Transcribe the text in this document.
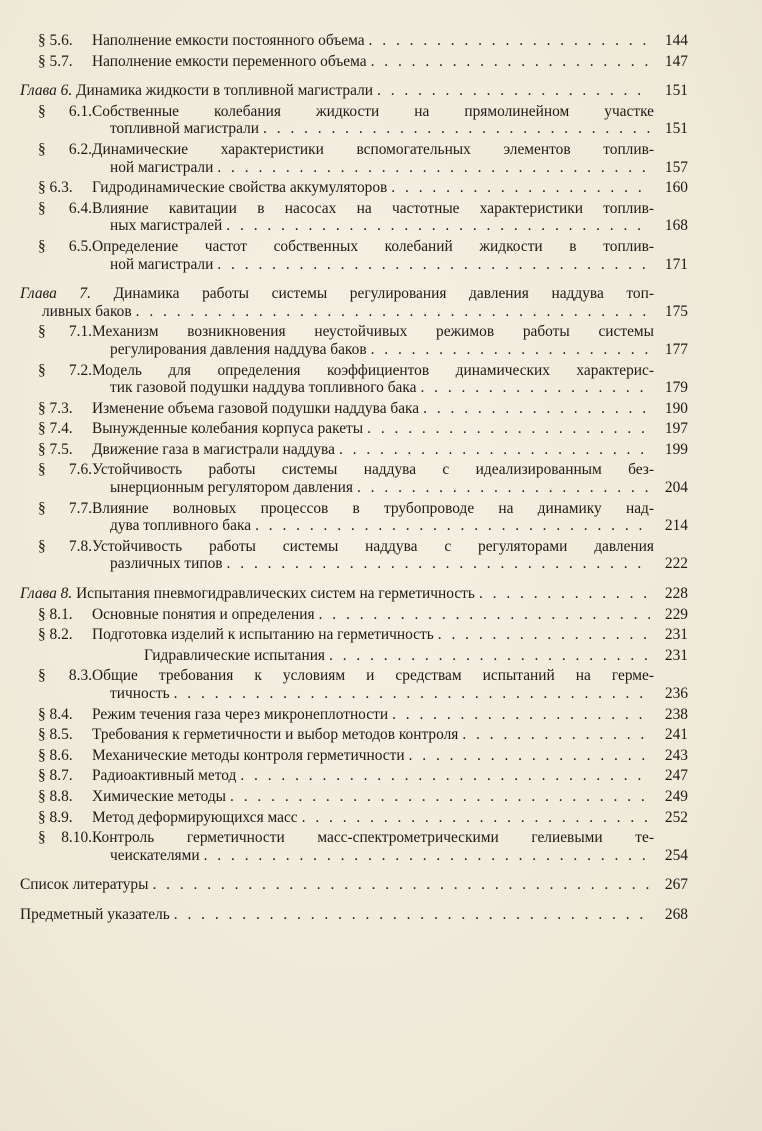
§ 5.6. Наполнение емкости постоянного объема . . .	144
§ 5.7. Наполнение емкости переменного объема . . .	147
Глава 6. Динамика жидкости в топливной магистрали . . .	151
§ 6.1.Собственные колебания жидкости на прямолинейном участке
топливной магистрали . . .	151
§ 6.2.Динамические характеристики вспомогательных элементов топлив-
ной магистрали . . .	157
§ 6.3. Гидродинамические свойства аккумуляторов . . .	160
§ 6.4.Влияние кавитации в насосах на частотные характеристики топлив-
ных магистралей . . .	168
§ 6.5.Определение частот собственных колебаний жидкости в топлив-
ной магистрали . . .	171
Глава 7. Динамика работы системы регулирования давления наддува топ-
ливных баков . . .	175
§ 7.1.Механизм возникновения неустойчивых режимов работы системы
регулирования давления наддува баков . . .	177
§ 7.2.Модель для определения коэффициентов динамических характерис-
тик газовой подушки наддува топливного бака . . .	179
§ 7.3. Изменение объема газовой подушки наддува бака . . .	190
§ 7.4. Вынужденные колебания корпуса ракеты . . .	197
§ 7.5. Движение газа в магистрали наддува . . .	199
§ 7.6.Устойчивость работы системы наддува с идеализированным без-
ынерционным регулятором давления . . .	204
§ 7.7.Влияние волновых процессов в трубопроводе на динамику над-
дува топливного бака . . .	214
§ 7.8.Устойчивость работы системы наддува с регуляторами давления
различных типов . . .	222
Глава 8. Испытания пневмогидравлических систем на герметичность . . .	228
§ 8.1. Основные понятия и определения . . .	229
§ 8.2. Подготовка изделий к испытанию на герметичность . . .	231
Гидравлические испытания . . .	231
§ 8.3.Общие требования к условиям и средствам испытаний на герме-
тичность . . .	236
§ 8.4. Режим течения газа через микронеплотности . . .	238
§ 8.5. Требования к герметичности и выбор методов контроля . . .	241
§ 8.6. Механические методы контроля герметичности . . .	243
§ 8.7. Радиоактивный метод . . .	247
§ 8.8. Химические методы . . .	249
§ 8.9. Метод деформирующихся масс . . .	252
§ 8.10.Контроль герметичности масс-спектрометрическими гелиевыми те-
чеискателями . . .	254
Список литературы . . .	267
Предметный указатель . . .	268
